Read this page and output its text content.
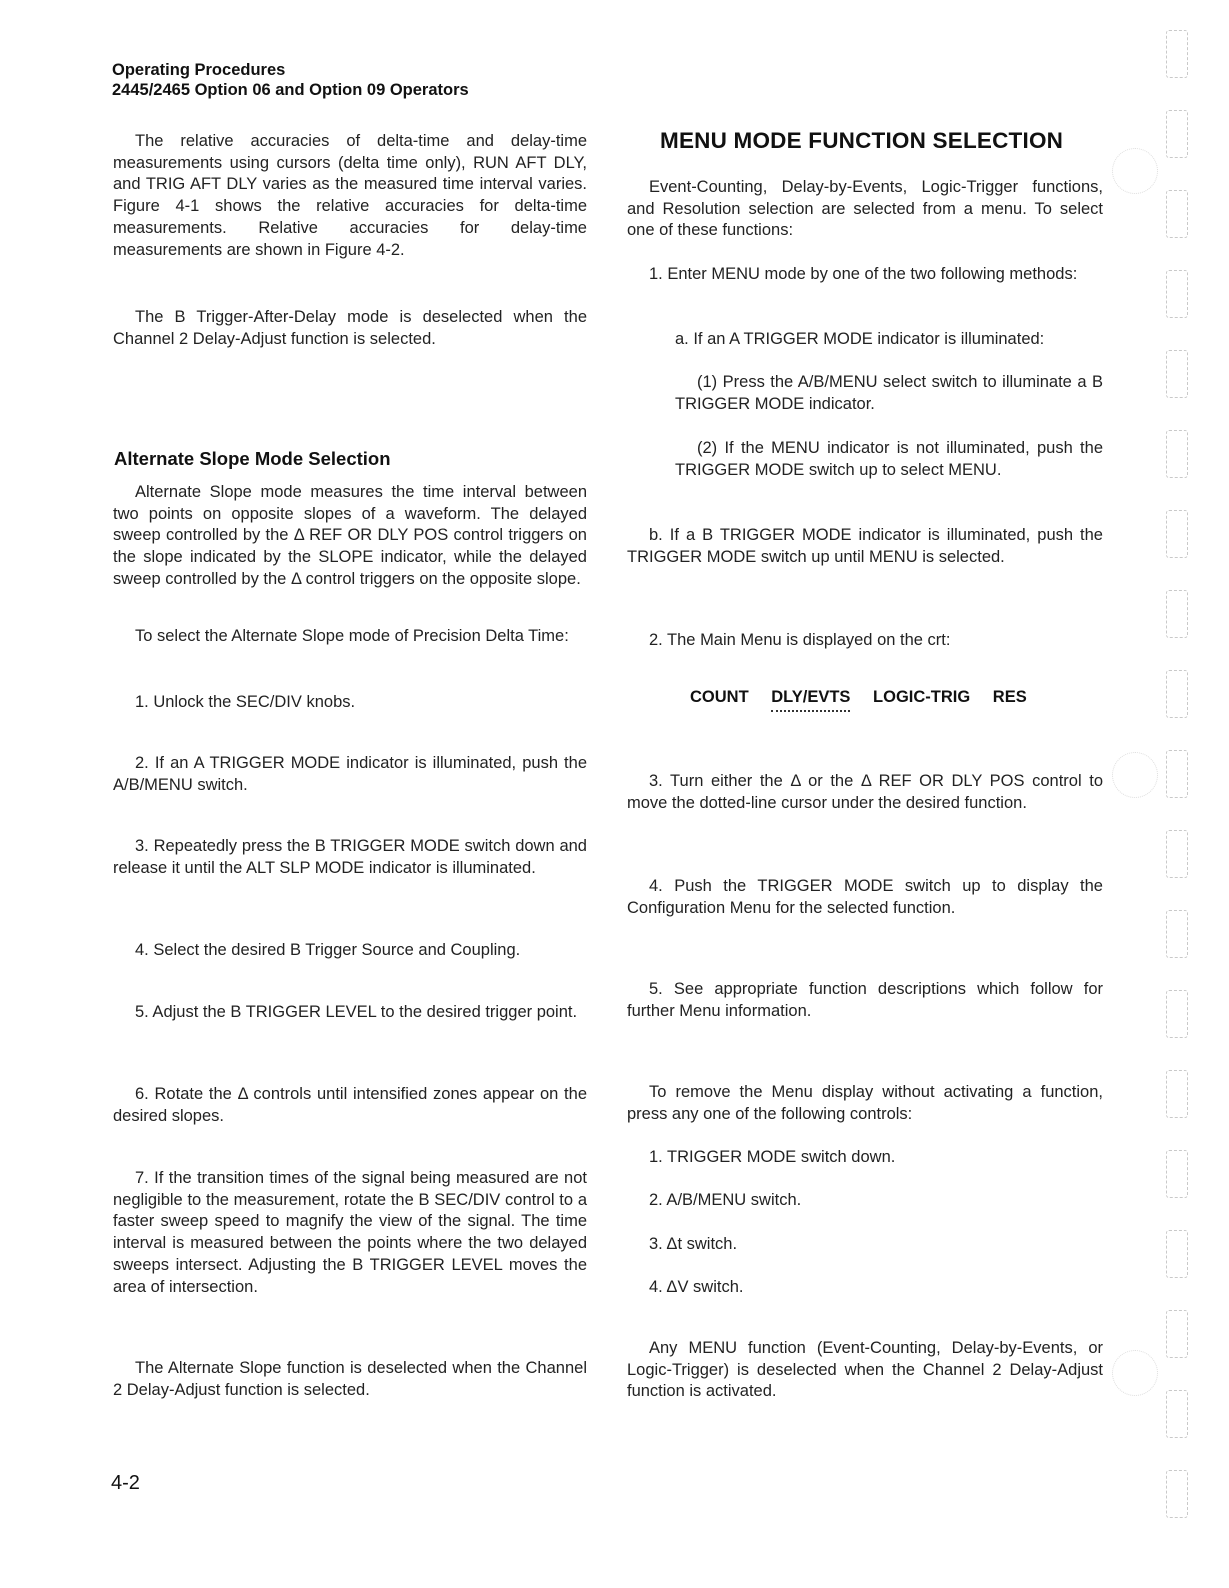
Operating Procedures
2445/2465 Option 06 and Option 09 Operators
The relative accuracies of delta-time and delay-time measurements using cursors (delta time only), RUN AFT DLY, and TRIG AFT DLY varies as the measured time interval varies. Figure 4-1 shows the relative accuracies for delta-time measurements. Relative accuracies for delay-time measurements are shown in Figure 4-2.
The B Trigger-After-Delay mode is deselected when the Channel 2 Delay-Adjust function is selected.
Alternate Slope Mode Selection
Alternate Slope mode measures the time interval between two points on opposite slopes of a waveform. The delayed sweep controlled by the Δ REF OR DLY POS control triggers on the slope indicated by the SLOPE indicator, while the delayed sweep controlled by the Δ control triggers on the opposite slope.
To select the Alternate Slope mode of Precision Delta Time:
1. Unlock the SEC/DIV knobs.
2. If an A TRIGGER MODE indicator is illuminated, push the A/B/MENU switch.
3. Repeatedly press the B TRIGGER MODE switch down and release it until the ALT SLP MODE indicator is illuminated.
4. Select the desired B Trigger Source and Coupling.
5. Adjust the B TRIGGER LEVEL to the desired trigger point.
6. Rotate the Δ controls until intensified zones appear on the desired slopes.
7. If the transition times of the signal being measured are not negligible to the measurement, rotate the B SEC/DIV control to a faster sweep speed to magnify the view of the signal. The time interval is measured between the points where the two delayed sweeps intersect. Adjusting the B TRIGGER LEVEL moves the area of intersection.
The Alternate Slope function is deselected when the Channel 2 Delay-Adjust function is selected.
MENU MODE FUNCTION SELECTION
Event-Counting, Delay-by-Events, Logic-Trigger functions, and Resolution selection are selected from a menu. To select one of these functions:
1. Enter MENU mode by one of the two following methods:
a. If an A TRIGGER MODE indicator is illuminated:
(1) Press the A/B/MENU select switch to illuminate a B TRIGGER MODE indicator.
(2) If the MENU indicator is not illuminated, push the TRIGGER MODE switch up to select MENU.
b. If a B TRIGGER MODE indicator is illuminated, push the TRIGGER MODE switch up until MENU is selected.
2. The Main Menu is displayed on the crt:
3. Turn either the Δ or the Δ REF OR DLY POS control to move the dotted-line cursor under the desired function.
4. Push the TRIGGER MODE switch up to display the Configuration Menu for the selected function.
5. See appropriate function descriptions which follow for further Menu information.
To remove the Menu display without activating a function, press any one of the following controls:
1. TRIGGER MODE switch down.
2. A/B/MENU switch.
3. Δt switch.
4. ΔV switch.
Any MENU function (Event-Counting, Delay-by-Events, or Logic-Trigger) is deselected when the Channel 2 Delay-Adjust function is activated.
COUNT DLY/EVTS LOGIC-TRIG RES
4-2
